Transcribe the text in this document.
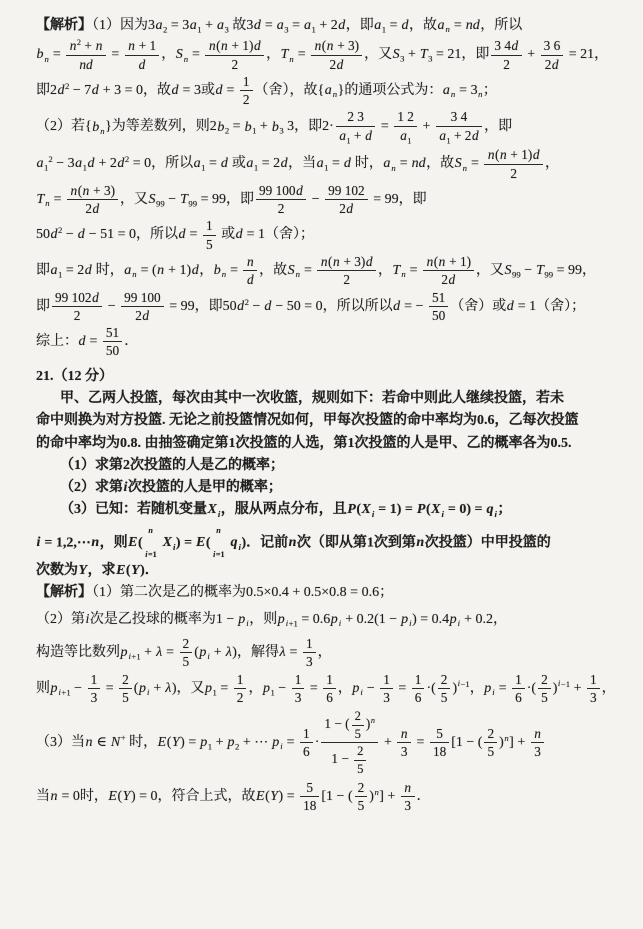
【解析】（1）因为$3a_2 = 3a_1 + a_3$ 故$3d = a_3 = a_1 + 2d$，即$a_1 = d$，故$a_n$ = nd，所以
$b_n = \frac{n^2 + n}{nd} = \frac{n + 1}{d}$ ，$S_n = \frac{n(n + 1)d}{2}$ ，$T_n = \frac{n(n + 3)}{2d}$ ，又$S_3 + T_3 = 21$，即 $\frac{3 4d}{2} + \frac{3 6}{2d} = 21$，
即$2d^2 - 7d + 3 = 0$，故d = 3或$d = \frac{1}{2}$ （舍），故$\{a_n\}$的通项公式为：$a_n = 3_n$；
（2）若$\{b_n\}$为等差数列，则$2b_2 = b_1 + b_3$ 3，即$2\cdot \frac{2 3}{a_1 + d} = \frac{1 2}{a_1} + \frac{3 4}{a_1 + 2d}$ ，即
$a_1^2 - 3a_1d + 2d^2 = 0$，所以$a_1 = d$ 或$a_1 = 2d$，当$a_1 = d$ 时，$a_n$ = nd，故$S_n = \frac{n(n + 1)d}{2}$ ，
$T_n = \frac{n(n + 3)}{2d}$ ，又$S_{99} - T_{99} = 99$，即 $\frac{99 100d}{2} - \frac{99 102}{2d} = 99$，即
$50d^2 - d - 51 = 0$，所以$d = \frac{1}{5}$ 或d = 1（舍）；
即$a_1 = 2d$ 时，$a_n = (n + 1)d$，$b_n = \frac{n}{d}$ ，故$S_n = \frac{n(n + 3)d}{2}$ ，$T_n = \frac{n(n + 1)}{2d}$ ，又$S_{99} - T_{99} = 99$，
即 $\frac{99 102d}{2} - \frac{99 100}{2d} = 99$，即$50d^2 - d - 50 = 0$，所以所以d = − $\frac{51}{50}$ （舍）或d = 1（舍）；
综上：$d = \frac{51}{50}$ ．
21.（12 分）
甲、乙两人投篮，每次由其中一次收篮，规则如下：若命中则此人继续投篮，若未
命中则换为对方投篮. 无论之前投篮情况如何，甲每次投篮的命中率均为0.6，乙每次投篮
的命中率均为0.8. 由抽签确定第1次投篮的人选，第1次投篮的人是甲、乙的概率各为0.5.
（1）求第2次投篮的人是乙的概率；
（2）求第i次投篮的人是甲的概率；
（3）已知：若随机变量$X_i$，服从两点分布，且$P(X_i = 1) = P(X_i = 0) = q_i$；
i = 1,2,⋯n，则E(
n
i=1
$X_i) = E$(
n
i=1
$q_i$)．记前n次（即从第1次到第n次投篮）中甲投篮的
次数为Y，求E(Y)．
【解析】（1）第二次是乙的概率为0.5×0.4 + 0.5×0.8 = 0.6；
（2）第i次是乙投球的概率为$1 - p_i$，则$p_{i+1} = 0.6p_i + 0.2(1 - p_i) = 0.4p_i + 0.2$，
构造等比数列$p_{i+1} + \lambda = \frac{2}{5} (p_i + \lambda)$，解得$\lambda = \frac{1}{3}$ ，
则$p_{i+1} - \frac{1}{3} = \frac{2}{5} (p_i + \lambda)$，又$p_1 = \frac{1}{2}$ ，$p_1 - \frac{1}{3} = \frac{1}{6}$ ，$p_i - \frac{1}{3} = \frac{1}{6}$ ·( $\frac{2}{5} )^{i-1}$，$p_i = \frac{1}{6}$ ·( $\frac{2}{5} )^{i-1} + \frac{1}{3}$ ，
（3）当n ∈ N+ 时，$E(Y) = p_1 + p_2$ + ⋯ $p_i = \frac{1}{6} \cdot \frac{1 - ( \frac{2}{5} )^n}{1 - \frac{2}{5}} + \frac{n}{3} = \frac{5}{18} [1$ − ( $\frac{2}{5} )^n] + \frac{n}{3}$
当n = 0时，E(Y) = 0，符合上式，故$E(Y) = \frac{5}{18} [1$ − ( $\frac{2}{5} )^n] + \frac{n}{3}$ ．
